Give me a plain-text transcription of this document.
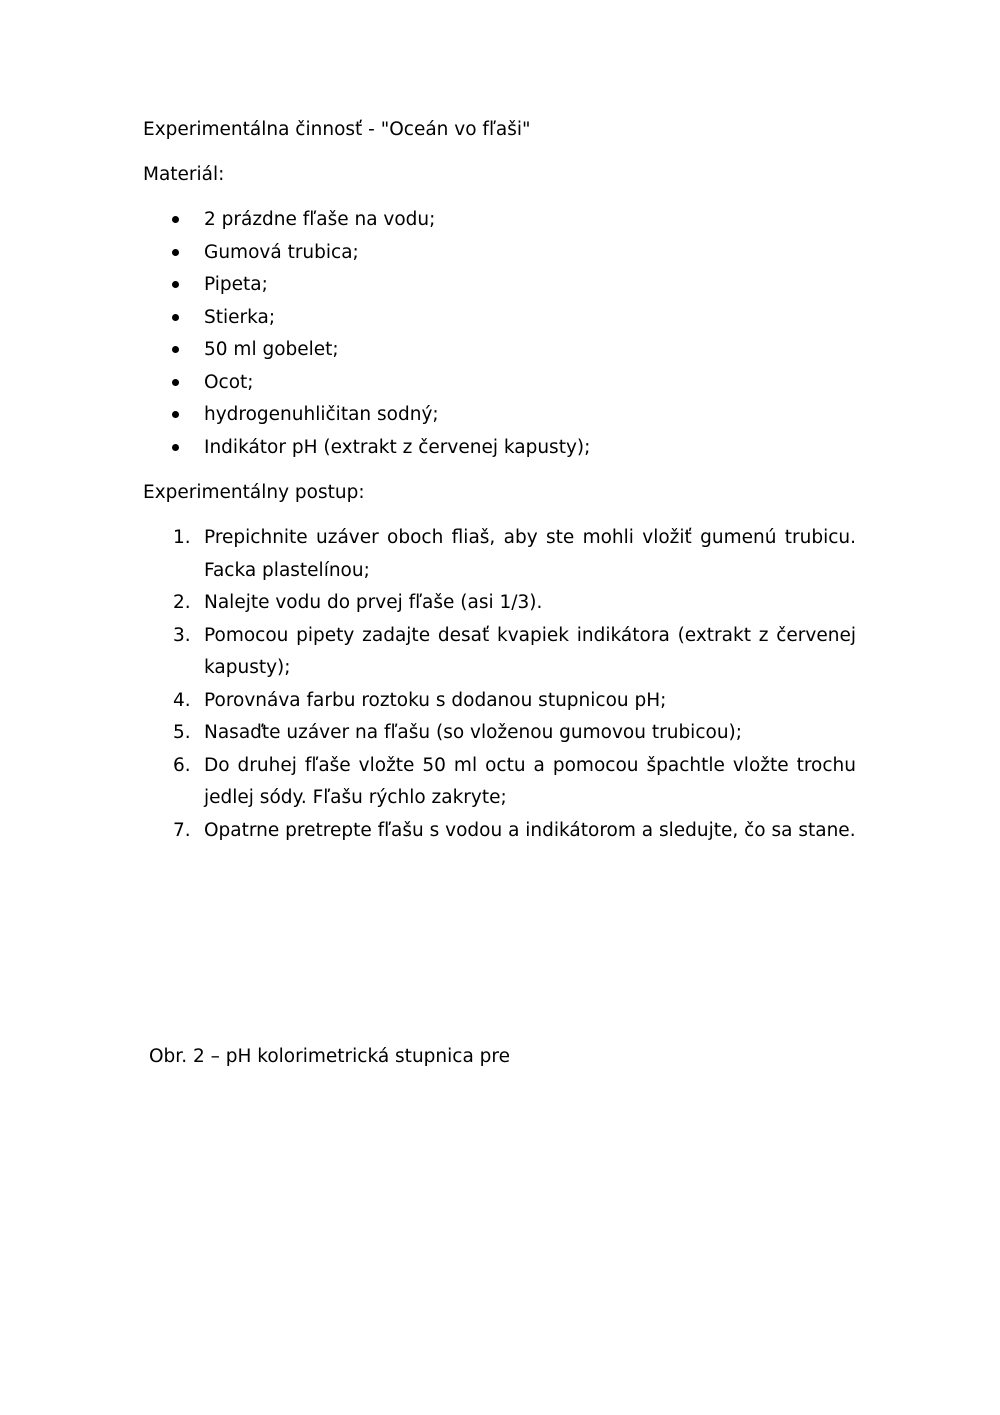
Experimentálna činnosť - "Oceán vo fľaši"

Materiál:

2 prázdne fľaše na vodu;
Gumová trubica;
Pipeta;
Stierka;
50 ml gobelet;
Ocot;
hydrogenuhličitan sodný;
Indikátor pH (extrakt z červenej kapusty);

Experimentálny postup:

1. Prepichnite uzáver oboch fliaš, aby ste mohli vložiť gumenú trubicu. Facka plastelínou;
2. Nalejte vodu do prvej fľaše (asi 1/3).
3. Pomocou pipety zadajte desať kvapiek indikátora (extrakt z červenej kapusty);
4. Porovnáva farbu roztoku s dodanou stupnicou pH;
5. Nasaďte uzáver na fľašu (so vloženou gumovou trubicou);
6. Do druhej fľaše vložte 50 ml octu a pomocou špachtle vložte trochu jedlej sódy. Fľašu rýchlo zakryte;
7. Opatrne pretrepte fľašu s vodou a indikátorom a sledujte, čo sa stane.

Obr. 2 – pH kolorimetrická stupnica pre
